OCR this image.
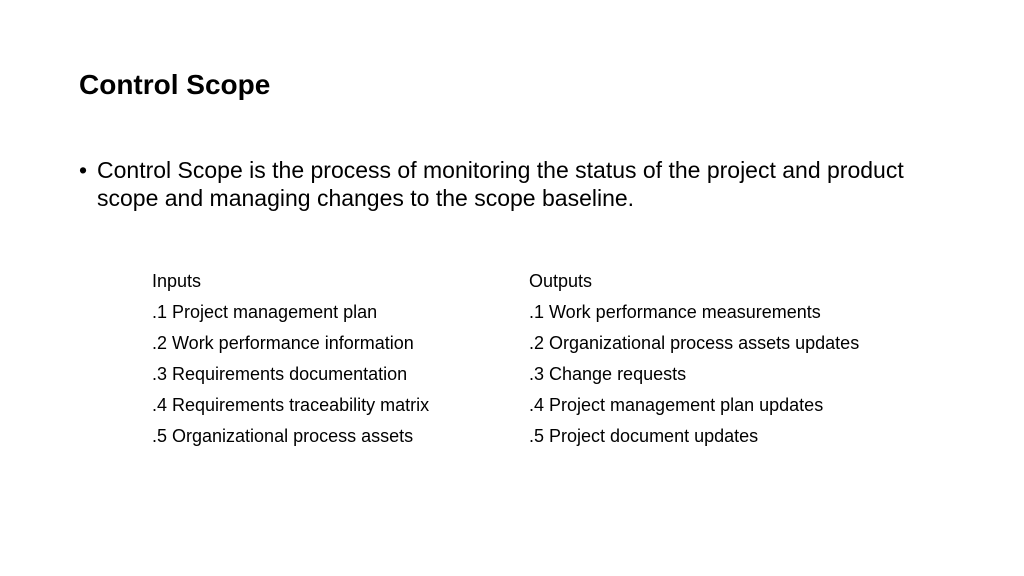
Control Scope
• Control Scope is the process of monitoring the status of the project and product scope and managing changes to the scope baseline.
Inputs
.1 Project management plan
.2 Work performance information
.3 Requirements documentation
.4 Requirements traceability matrix
.5 Organizational process assets
Outputs
.1 Work performance measurements
.2 Organizational process assets updates
.3 Change requests
.4 Project management plan updates
.5 Project document updates
